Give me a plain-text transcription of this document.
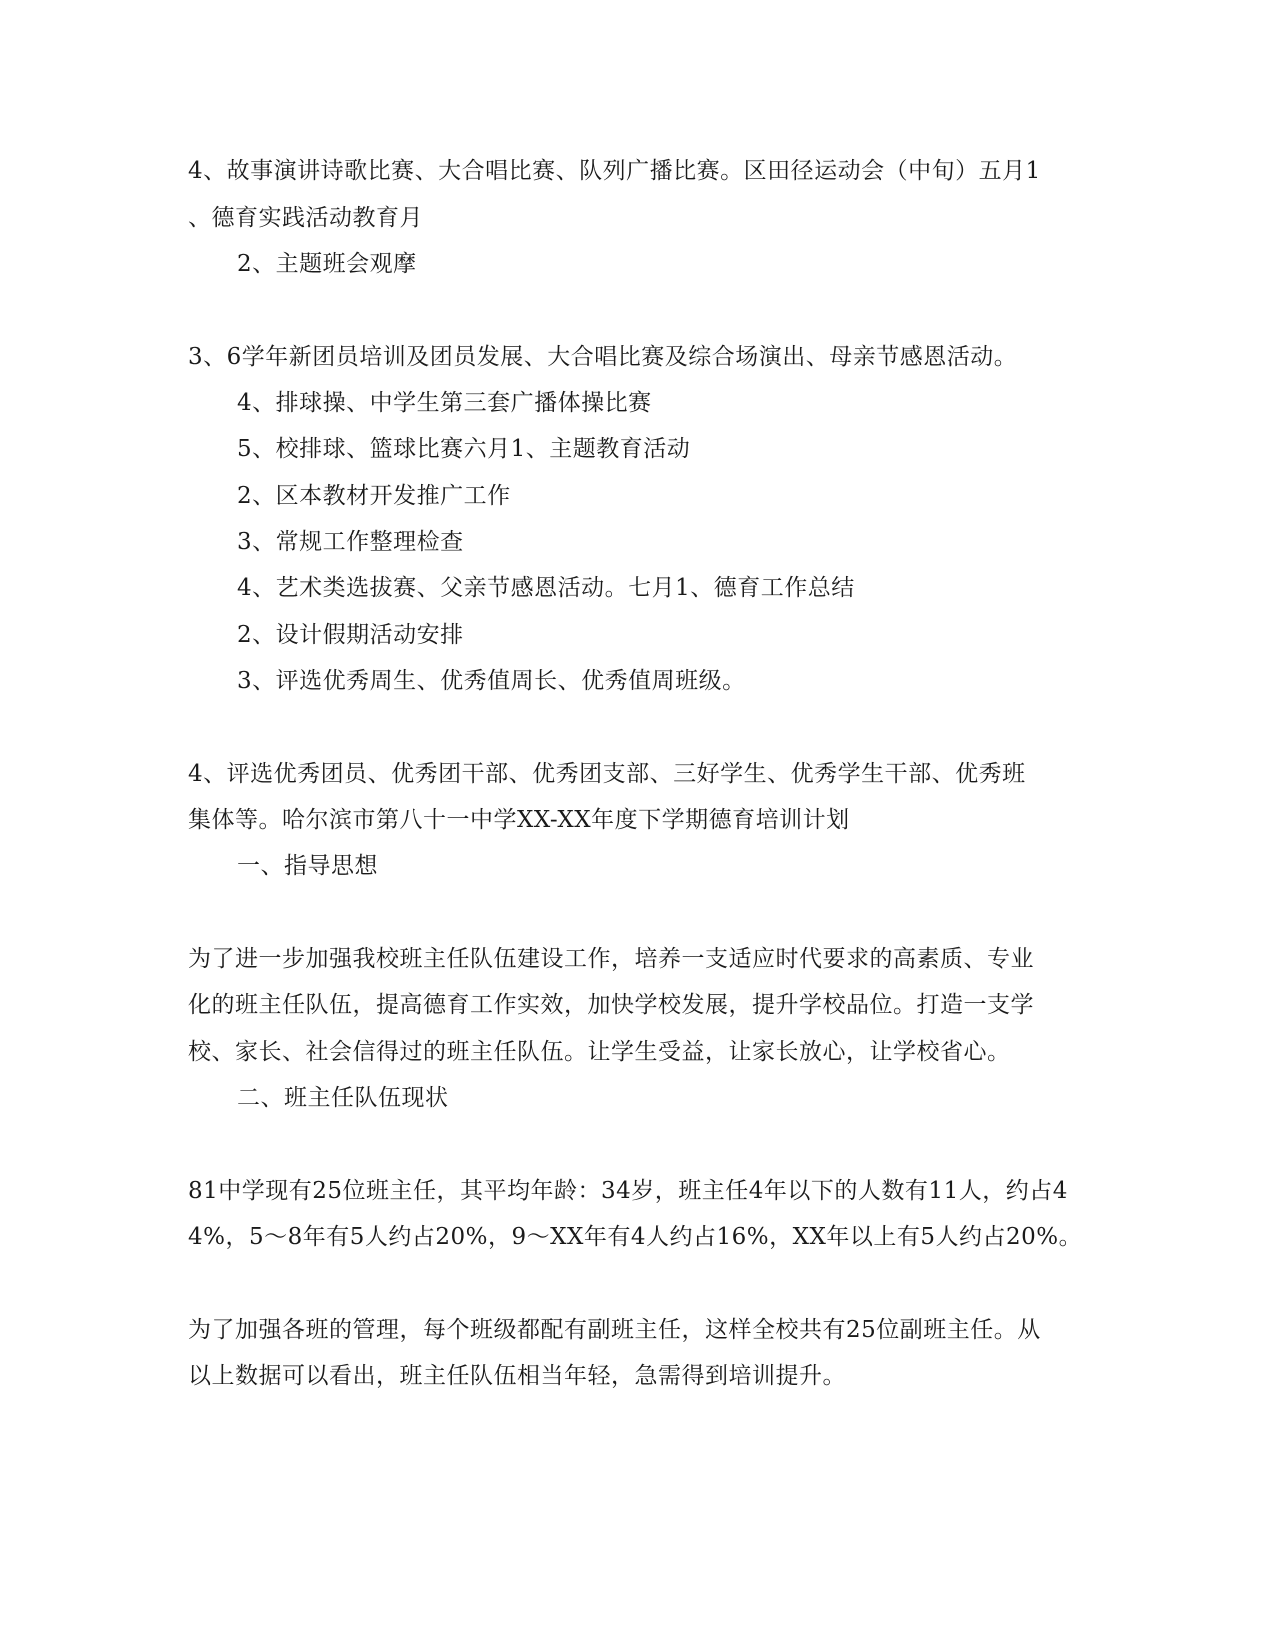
4、故事演讲诗歌比赛、大合唱比赛、队列广播比赛。区田径运动会（中旬）五月1
、德育实践活动教育月
2、主题班会观摩
3、6学年新团员培训及团员发展、大合唱比赛及综合场演出、母亲节感恩活动。
4、排球操、中学生第三套广播体操比赛
5、校排球、篮球比赛六月1、主题教育活动
2、区本教材开发推广工作
3、常规工作整理检查
4、艺术类选拔赛、父亲节感恩活动。七月1、德育工作总结
2、设计假期活动安排
3、评选优秀周生、优秀值周长、优秀值周班级。
4、评选优秀团员、优秀团干部、优秀团支部、三好学生、优秀学生干部、优秀班
集体等。哈尔滨市第八十一中学XX-XX年度下学期德育培训计划
一、指导思想
为了进一步加强我校班主任队伍建设工作，培养一支适应时代要求的高素质、专业
化的班主任队伍，提高德育工作实效，加快学校发展，提升学校品位。打造一支学
校、家长、社会信得过的班主任队伍。让学生受益，让家长放心，让学校省心。
二、班主任队伍现状
81中学现有25位班主任，其平均年龄：34岁，班主任4年以下的人数有11人，约占4
4%，5～8年有5人约占20%，9～XX年有4人约占16%，XX年以上有5人约占20%。
为了加强各班的管理，每个班级都配有副班主任，这样全校共有25位副班主任。从
以上数据可以看出，班主任队伍相当年轻，急需得到培训提升。
